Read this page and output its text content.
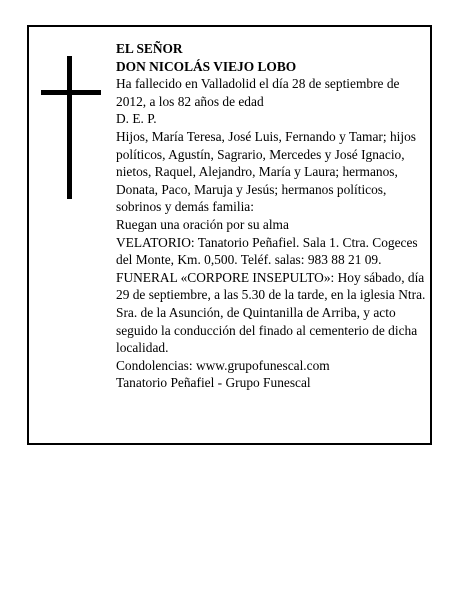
EL SEÑOR

DON NICOLÁS VIEJO LOBO

Ha fallecido en Valladolid el día 28 de septiembre de 2012, a los 82 años de edad

D. E. P.

Hijos, María Teresa, José Luis, Fernando y Tamar; hijos políticos, Agustín, Sagrario, Mercedes y José Ignacio, nietos, Raquel, Alejandro, María y Laura; hermanos, Donata, Paco, Maruja y Jesús; hermanos políticos, sobrinos y demás familia:

Ruegan una oración por su alma

VELATORIO: Tanatorio Peñafiel. Sala 1. Ctra. Cogeces del Monte, Km. 0,500. Teléf. salas: 983 88 21 09.

FUNERAL «CORPORE INSEPULTO»: Hoy sábado, día 29 de septiembre, a las 5.30 de la tarde, en la iglesia Ntra. Sra. de la Asunción, de Quintanilla de Arriba, y acto seguido la conducción del finado al cementerio de dicha localidad.

Condolencias: www.grupofunescal.com

Tanatorio Peñafiel - Grupo Funescal
